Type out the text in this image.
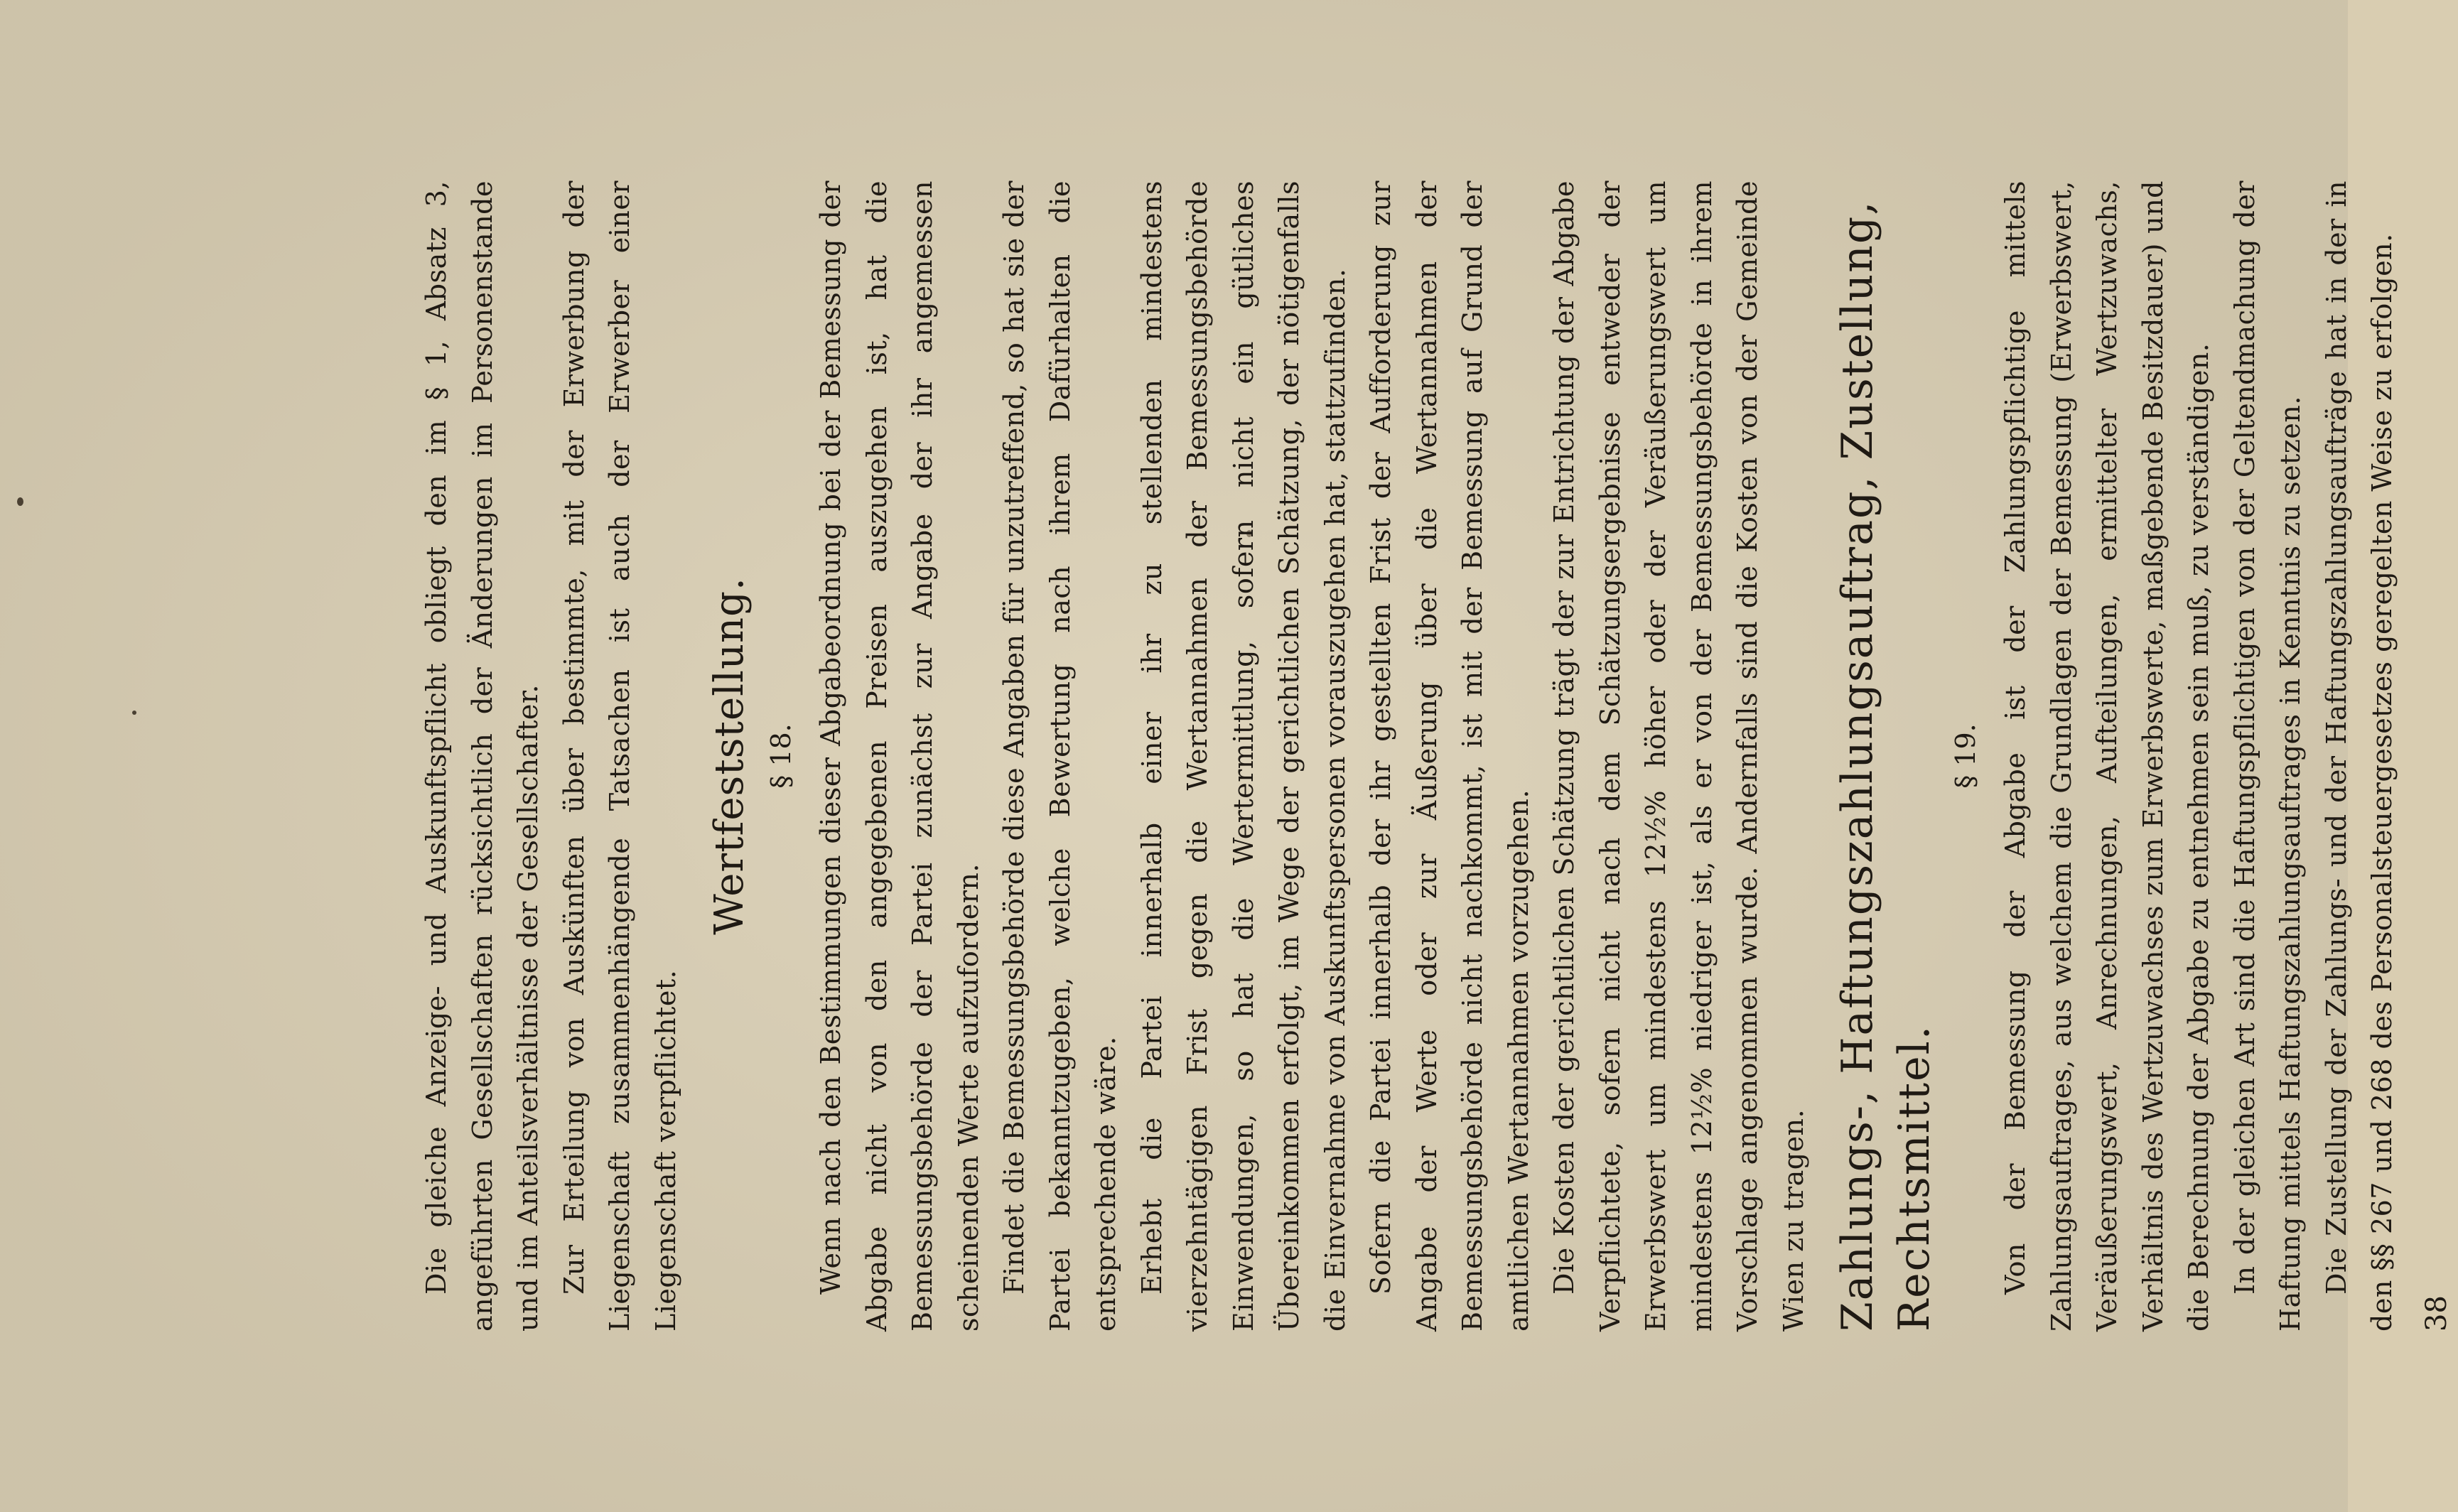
Die gleiche Anzeige- und Auskunftspflicht obliegt den im § 1, Absatz 3, angeführten Gesellschaften rücksichtlich der Änderungen im Personenstande und im Anteilsverhältnisse der Gesellschafter. Zur Erteilung von Auskünften über bestimmte, mit der Erwerbung der Liegenschaft zusammenhängende Tatsachen ist auch der Erwerber einer Liegenschaft verpflichtet.

Wertfeststellung. § 18. Wenn nach den Bestimmungen dieser Abgabeordnung bei der Bemessung der Abgabe nicht von den angegebenen Preisen auszugehen ist, hat die Bemessungsbehörde der Partei zunächst zur Angabe der ihr angemessen scheinenden Werte aufzufordern. Findet die Bemessungsbehörde diese Angaben für unzutreffend, so hat sie der Partei bekanntzugeben, welche Bewertung nach ihrem Dafürhalten die entsprechende wäre. Erhebt die Partei innerhalb einer ihr zu stellenden mindestens vierzehntägigen Frist gegen die Wertannahmen der Bemessungsbehörde Einwendungen, so hat die Wertermittlung, sofern nicht ein gütliches Übereinkommen erfolgt, im Wege der gerichtlichen Schätzung, der nötigenfalls die Einvernahme von Auskunftspersonen vorauszugehen hat, stattzufinden. Sofern die Partei innerhalb der ihr gestellten Frist der Aufforderung zur Angabe der Werte oder zur Äußerung über die Wertannahmen der Bemessungsbehörde nicht nachkommt, ist mit der Bemessung auf Grund der amtlichen Wertannahmen vorzugehen. Die Kosten der gerichtlichen Schätzung trägt der zur Entrichtung der Abgabe Verpflichtete, sofern nicht nach dem Schätzungsergebnisse entweder der Erwerbswert um mindestens 12½% höher oder der Veräußerungswert um mindestens 12½% niedriger ist, als er von der Bemessungsbehörde in ihrem Vorschlage angenommen wurde. Andernfalls sind die Kosten von der Gemeinde Wien zu tragen. Zahlungs-, Haftungszahlungsauftrag, Zustellung, Rechtsmittel.
§ 19. Von der Bemessung der Abgabe ist der Zahlungspflichtige mittels Zahlungsauftrages, aus welchem die Grundlagen der Bemessung (Erwerbswert, Veräußerungswert, Anrechnungen, Aufteilungen, ermittelter Wertzuwachs, Verhältnis des Wertzuwachses zum Erwerbswerte, maßgebende Besitzdauer) und die Berechnung der Abgabe zu entnehmen sein muß, zu verständigen. In der gleichen Art sind die Haftungspflichtigen von der Geltendmachung der Haftung mittels Haftungszahlungsauftrages in Kenntnis zu setzen. Die Zustellung der Zahlungs- und der Haftungszahlungsaufträge hat in der in den §§ 267 und 268 des Personalsteuergesetzes geregelten Weise zu erfolgen. 38
